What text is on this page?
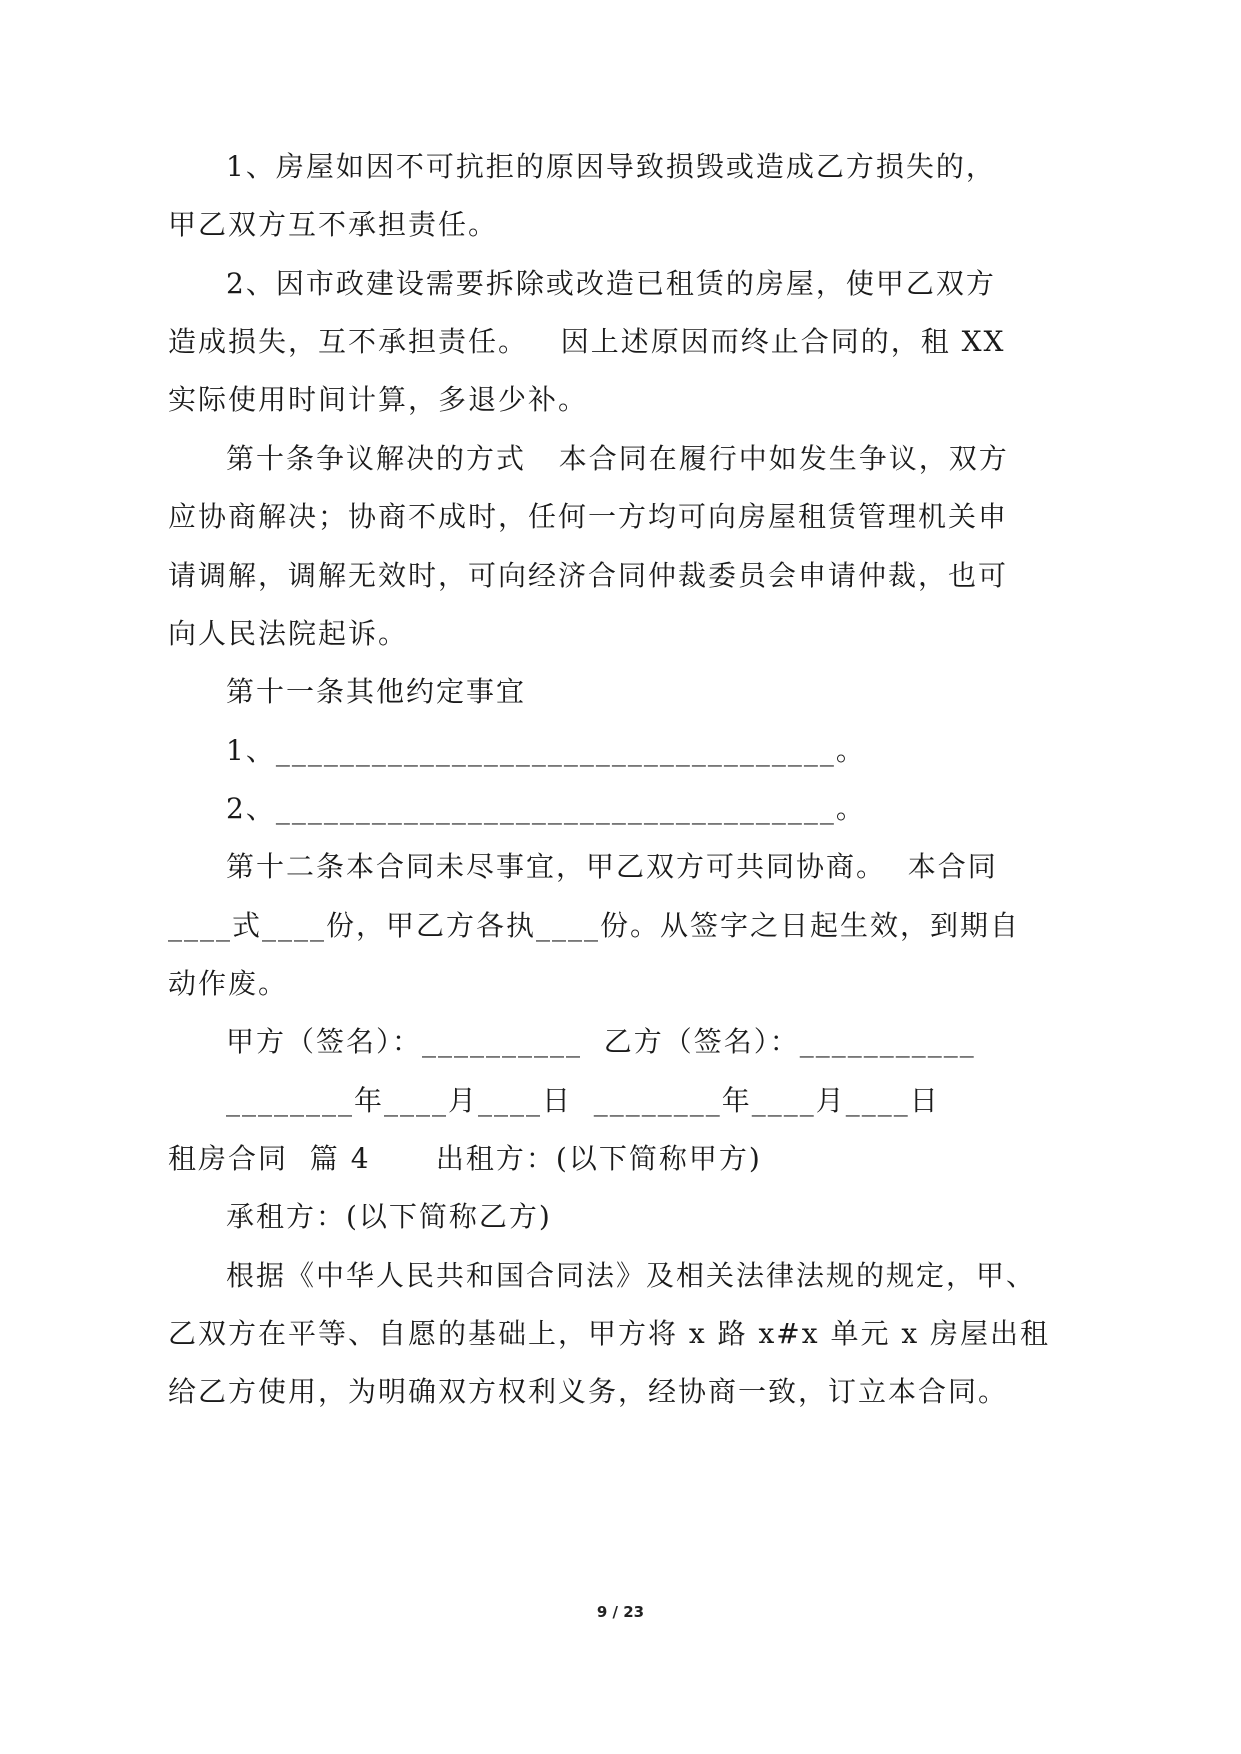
1、房屋如因不可抗拒的原因导致损毁或造成乙方损失的，
甲乙双方互不承担责任。
2、因市政建设需要拆除或改造已租赁的房屋，使甲乙双方
造成损失，互不承担责任。   因上述原因而终止合同的，租 XX
实际使用时间计算，多退少补。
第十条争议解决的方式   本合同在履行中如发生争议，双方
应协商解决；协商不成时，任何一方均可向房屋租赁管理机关申
请调解，调解无效时，可向经济合同仲裁委员会申请仲裁，也可
向人民法院起诉。
第十一条其他约定事宜
1、___________________________________。
2、___________________________________。
第十二条本合同未尽事宜，甲乙双方可共同协商。  本合同
____式____份，甲乙方各执____份。从签字之日起生效，到期自
动作废。
甲方（签名）：__________  乙方（签名）：___________
________年____月____日  ________年____月____日
租房合同  篇 4      出租方：(以下简称甲方)
承租方：(以下简称乙方)
根据《中华人民共和国合同法》及相关法律法规的规定，甲、
乙双方在平等、自愿的基础上，甲方将 x 路 x#x 单元 x 房屋出租
给乙方使用，为明确双方权利义务，经协商一致，订立本合同。
9 / 23
